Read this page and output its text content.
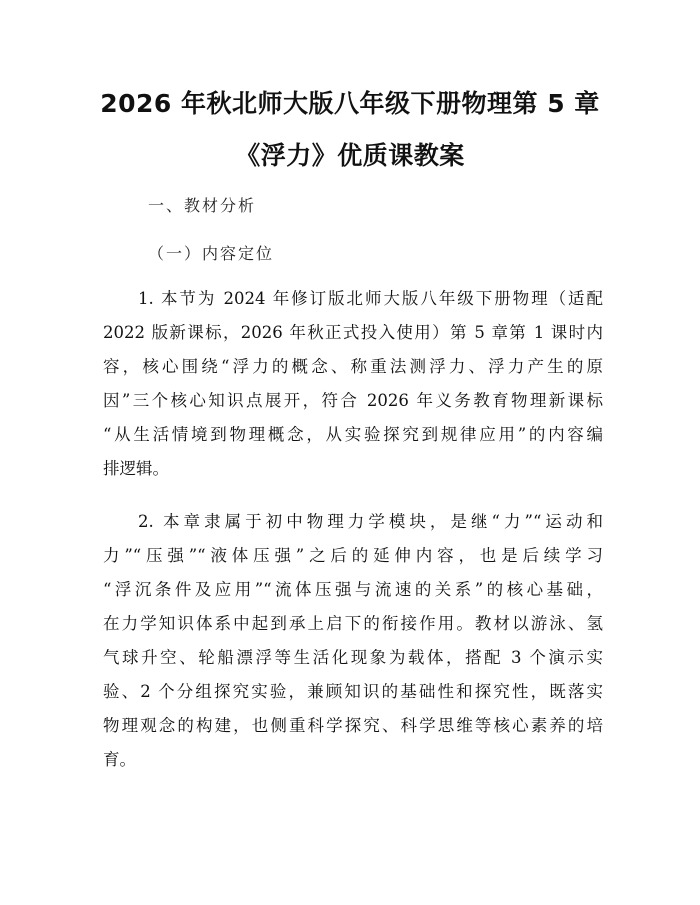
2026 年秋北师大版八年级下册物理第 5 章
《浮力》优质课教案
一、教材分析
（一）内容定位
1. 本节为 2024 年修订版北师大版八年级下册物理（适配
2022 版新课标，2026 年秋正式投入使用）第 5 章第 1 课时内
容，核心围绕“浮力的概念、称重法测浮力、浮力产生的原
因”三个核心知识点展开，符合 2026 年义务教育物理新课标
“从生活情境到物理概念，从实验探究到规律应用”的内容编
排逻辑。
2. 本章隶属于初中物理力学模块，是继“力”“运动和
力”“压强”“液体压强”之后的延伸内容，也是后续学习
“浮沉条件及应用”“流体压强与流速的关系”的核心基础，
在力学知识体系中起到承上启下的衔接作用。教材以游泳、氢
气球升空、轮船漂浮等生活化现象为载体，搭配 3 个演示实
验、2 个分组探究实验，兼顾知识的基础性和探究性，既落实
物理观念的构建，也侧重科学探究、科学思维等核心素养的培
育。
